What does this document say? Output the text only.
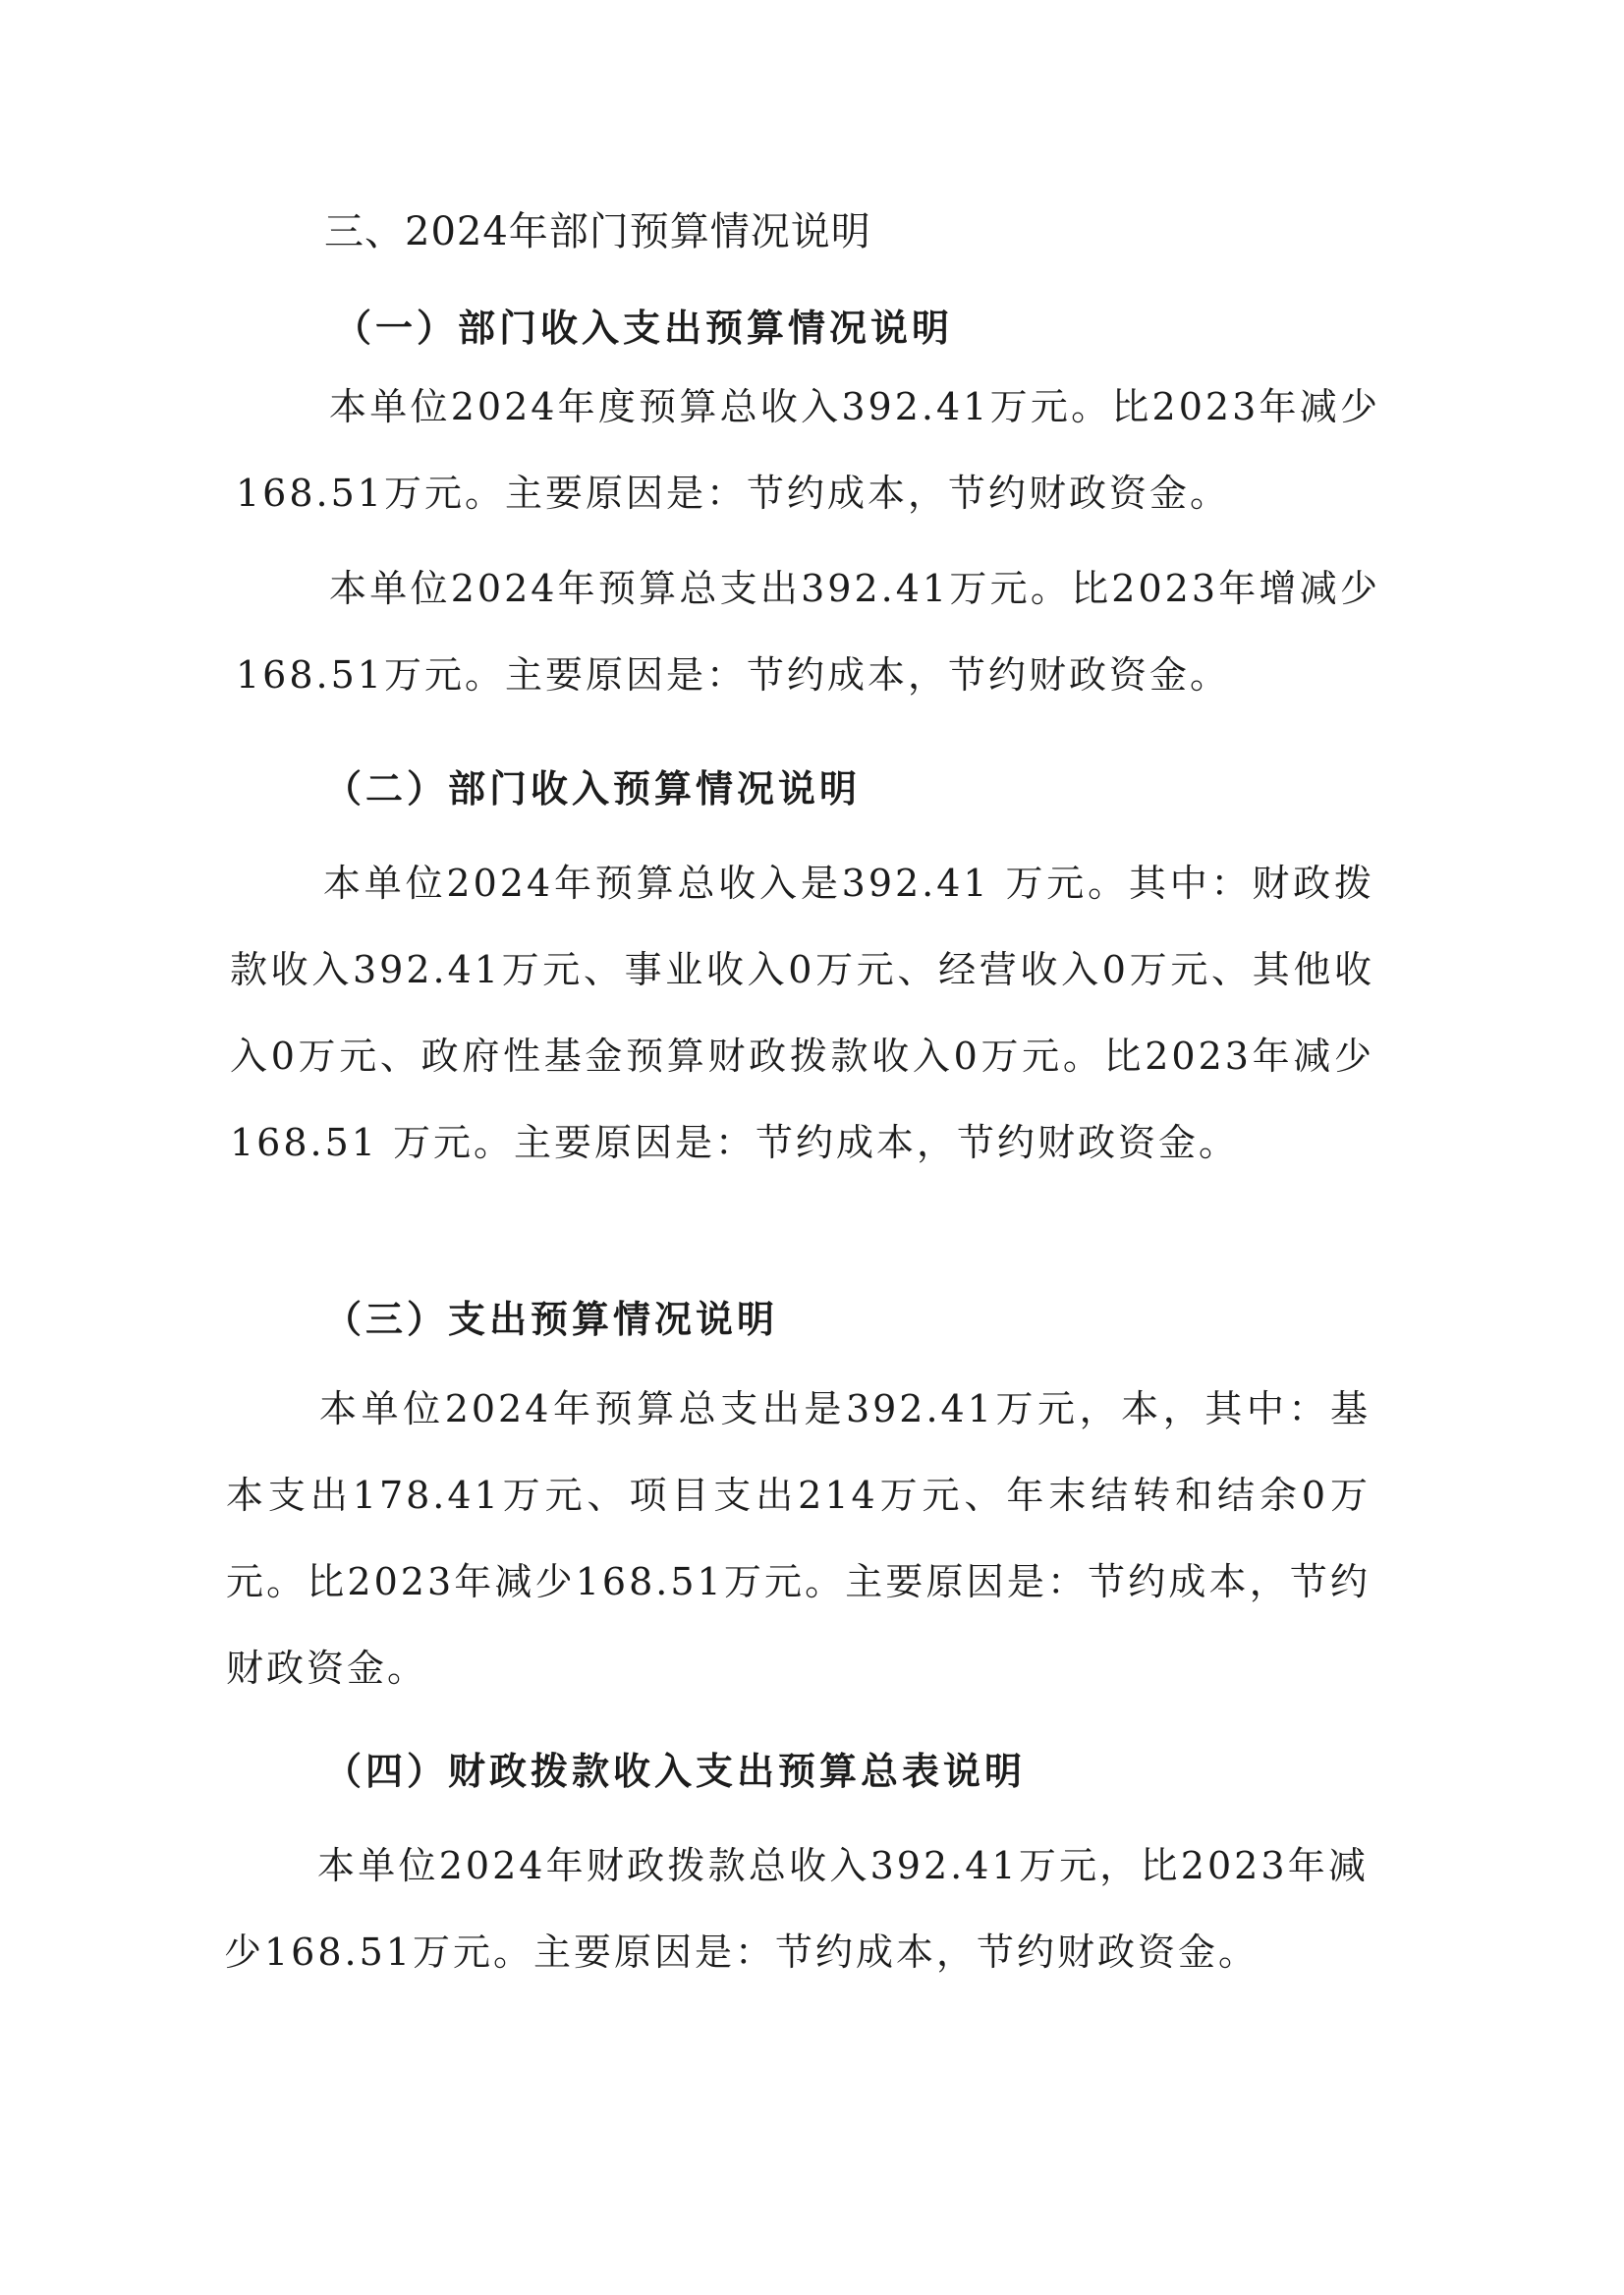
三、2024年部门预算情况说明
（一）部门收入支出预算情况说明

本单位2024年度预算总收入392.41万元。比2023年减少168.51万元。主要原因是：节约成本，节约财政资金。

本单位2024年预算总支出392.41万元。比2023年增减少168.51万元。主要原因是：节约成本，节约财政资金。

（二）部门收入预算情况说明

本单位2024年预算总收入是392.41 万元。其中：财政拨款收入392.41万元、事业收入0万元、经营收入0万元、其他收入0万元、政府性基金预算财政拨款收入0万元。比2023年减少168.51 万元。主要原因是：节约成本，节约财政资金。

（三）支出预算情况说明

本单位2024年预算总支出是392.41万元，本，其中：基本支出178.41万元、项目支出214万元、年末结转和结余0万元。比2023年减少168.51万元。主要原因是：节约成本，节约财政资金。

（四）财政拨款收入支出预算总表说明

本单位2024年财政拨款总收入392.41万元，比2023年减少168.51万元。主要原因是：节约成本，节约财政资金。
